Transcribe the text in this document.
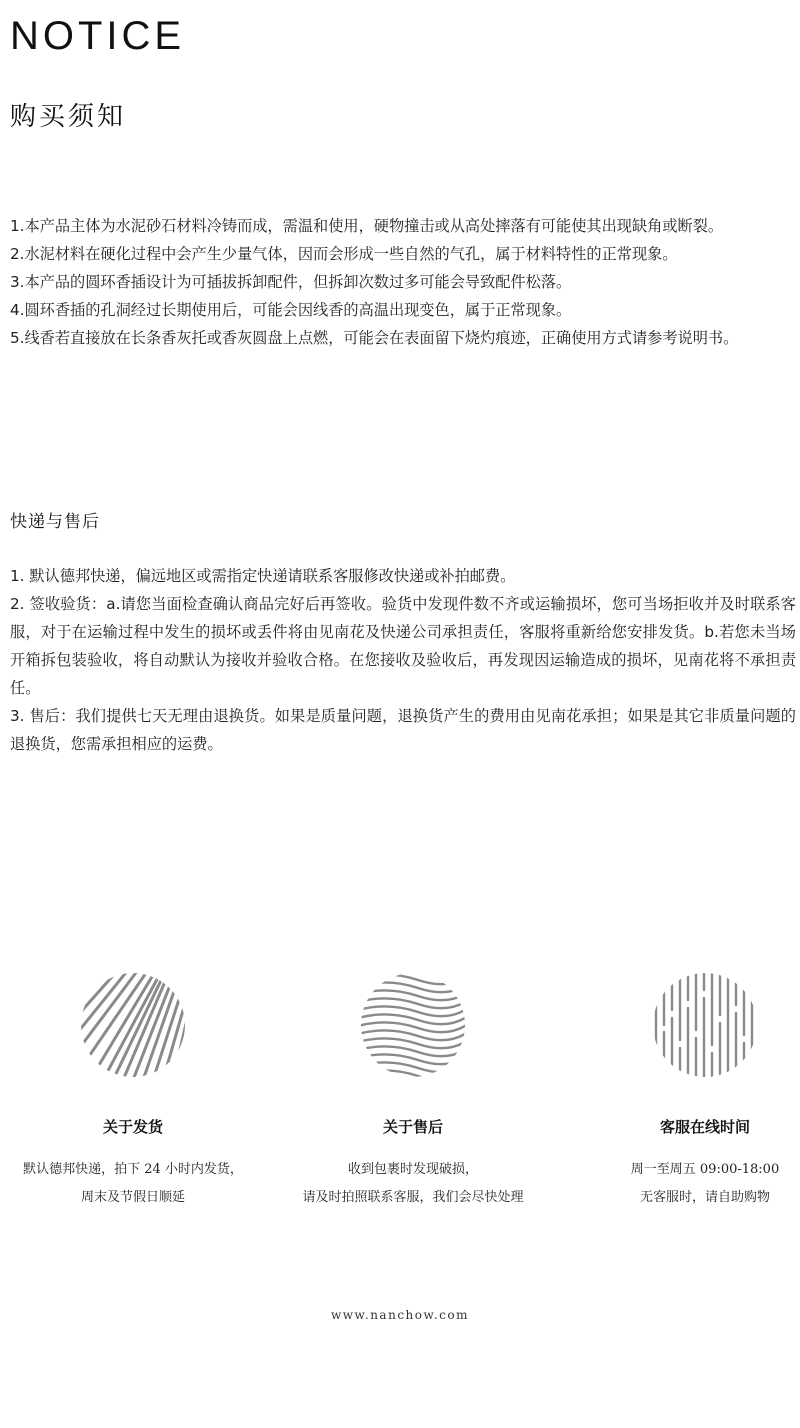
NOTICE
购买须知
1.本产品主体为水泥砂石材料冷铸而成，需温和使用，硬物撞击或从高处摔落有可能使其出现缺角或断裂。
2.水泥材料在硬化过程中会产生少量气体，因而会形成一些自然的气孔，属于材料特性的正常现象。
3.本产品的圆环香插设计为可插拔拆卸配件，但拆卸次数过多可能会导致配件松落。
4.圆环香插的孔洞经过长期使用后，可能会因线香的高温出现变色，属于正常现象。
5.线香若直接放在长条香灰托或香灰圆盘上点燃，可能会在表面留下烧灼痕迹，正确使用方式请参考说明书。
快递与售后
1. 默认德邦快递，偏远地区或需指定快递请联系客服修改快递或补拍邮费。
2. 签收验货：a.请您当面检查确认商品完好后再签收。验货中发现件数不齐或运输损坏，您可当场拒收并及时联系客服，对于在运输过程中发生的损坏或丢件将由见南花及快递公司承担责任，客服将重新给您安排发货。b.若您未当场开箱拆包装验收，将自动默认为接收并验收合格。在您接收及验收后，再发现因运输造成的损坏，见南花将不承担责任。
3. 售后：我们提供七天无理由退换货。如果是质量问题，退换货产生的费用由见南花承担；如果是其它非质量问题的退换货，您需承担相应的运费。
关于发货
默认德邦快递，拍下 24 小时内发货，
周末及节假日顺延
关于售后
收到包裹时发现破损，
请及时拍照联系客服，我们会尽快处理
客服在线时间
周一至周五 09:00-18:00
无客服时，请自助购物
www.nanchow.com
